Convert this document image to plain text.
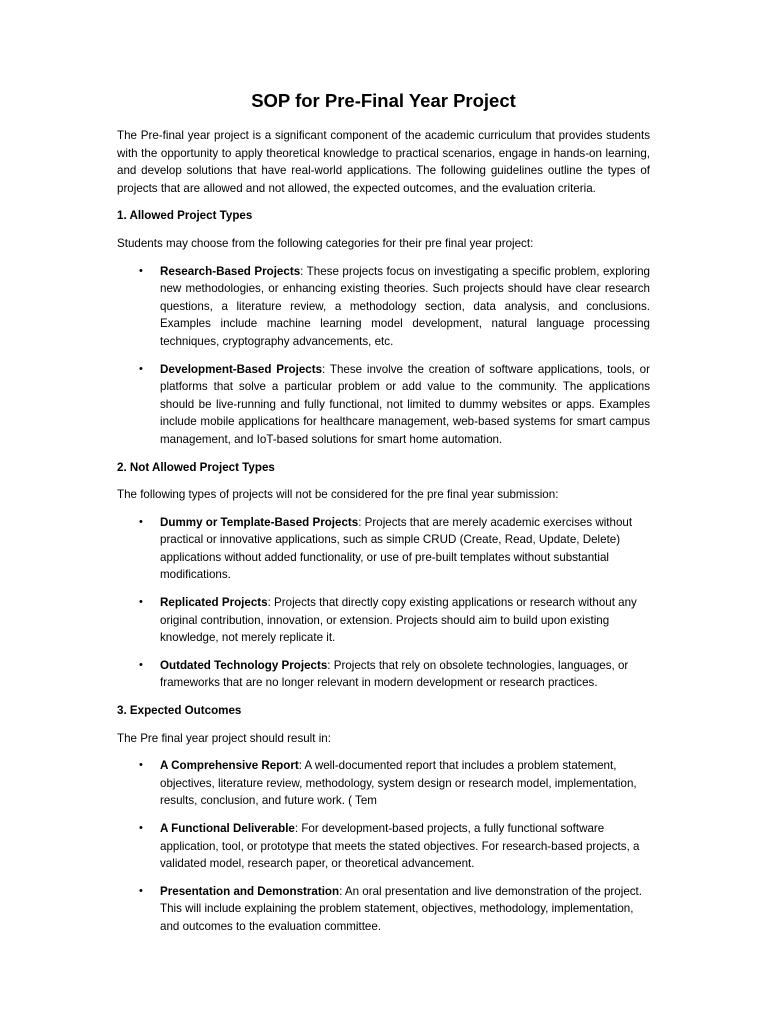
SOP for Pre-Final Year Project

The Pre-final year project is a significant component of the academic curriculum that provides students with the opportunity to apply theoretical knowledge to practical scenarios, engage in hands-on learning, and develop solutions that have real-world applications. The following guidelines outline the types of projects that are allowed and not allowed, the expected outcomes, and the evaluation criteria.

1. Allowed Project Types

Students may choose from the following categories for their pre final year project:

• Research-Based Projects: These projects focus on investigating a specific problem, exploring new methodologies, or enhancing existing theories. Such projects should have clear research questions, a literature review, a methodology section, data analysis, and conclusions. Examples include machine learning model development, natural language processing techniques, cryptography advancements, etc.
• Development-Based Projects: These involve the creation of software applications, tools, or platforms that solve a particular problem or add value to the community. The applications should be live-running and fully functional, not limited to dummy websites or apps. Examples include mobile applications for healthcare management, web-based systems for smart campus management, and IoT-based solutions for smart home automation.

2. Not Allowed Project Types

The following types of projects will not be considered for the pre final year submission:

• Dummy or Template-Based Projects: Projects that are merely academic exercises without practical or innovative applications, such as simple CRUD (Create, Read, Update, Delete) applications without added functionality, or use of pre-built templates without substantial modifications.
• Replicated Projects: Projects that directly copy existing applications or research without any original contribution, innovation, or extension. Projects should aim to build upon existing knowledge, not merely replicate it.
• Outdated Technology Projects: Projects that rely on obsolete technologies, languages, or frameworks that are no longer relevant in modern development or research practices.

3. Expected Outcomes

The Pre final year project should result in:

• A Comprehensive Report: A well-documented report that includes a problem statement, objectives, literature review, methodology, system design or research model, implementation, results, conclusion, and future work. ( Tem
• A Functional Deliverable: For development-based projects, a fully functional software application, tool, or prototype that meets the stated objectives. For research-based projects, a validated model, research paper, or theoretical advancement.
• Presentation and Demonstration: An oral presentation and live demonstration of the project. This will include explaining the problem statement, objectives, methodology, implementation, and outcomes to the evaluation committee.
